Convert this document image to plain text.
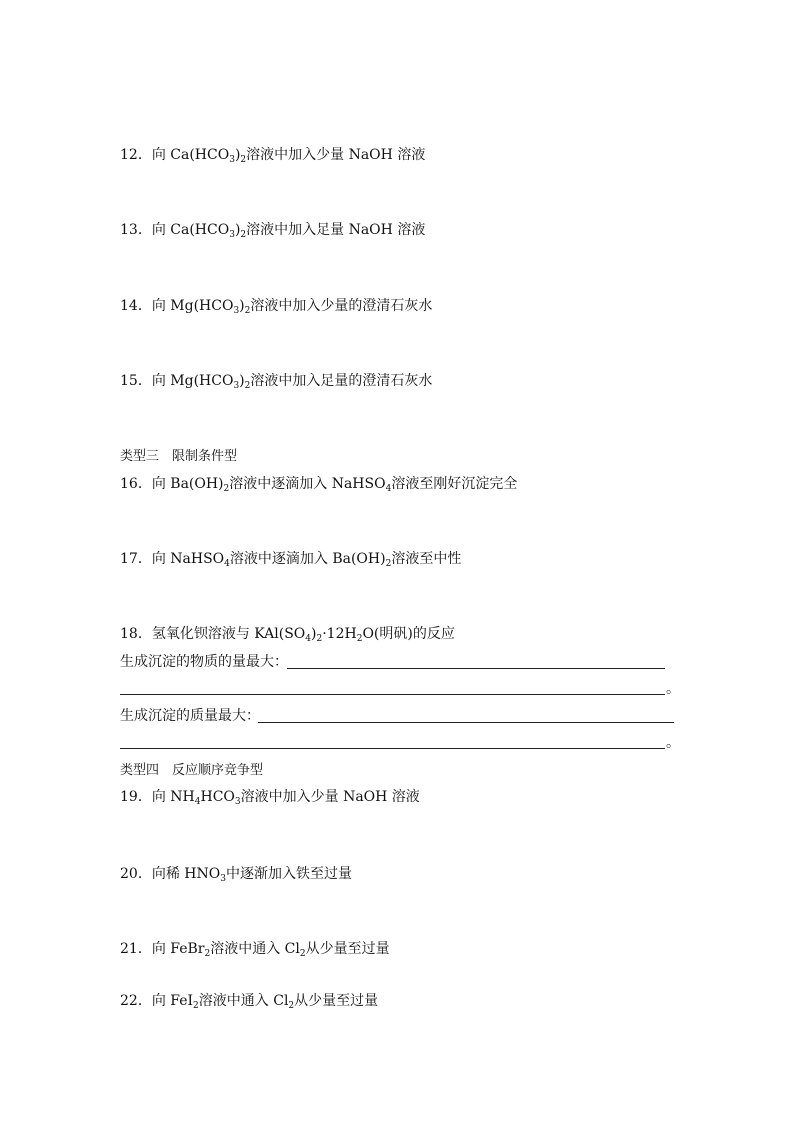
12．向 $Ca(HCO_3)_2$溶液中加入少量 NaOH 溶液
13．向 $Ca(HCO_3)_2$溶液中加入足量 NaOH 溶液
14．向 $Mg(HCO_3)_2$溶液中加入少量的澄清石灰水
15．向 $Mg(HCO_3)_2$溶液中加入足量的澄清石灰水
类型三　限制条件型
16．向 $Ba(OH)_2$溶液中逐滴加入 NaHSO$_4$溶液至刚好沉淀完全
17．向 NaHSO$_4$溶液中逐滴加入 $Ba(OH)_2$溶液至中性
18．氢氧化钡溶液与 $KAl(SO_4)_2\cdot 12H_2O$(明矾)的反应
生成沉淀的物质的量最大：
。
生成沉淀的质量最大：
。
类型四　反应顺序竞争型
19．向 $NH_4HCO_3$溶液中加入少量 NaOH 溶液
20．向稀 $HNO_3$中逐渐加入铁至过量
21．向 FeBr$_2$溶液中通入 $Cl_2$从少量至过量
22．向 FeI$_2$溶液中通入 $Cl_2$从少量至过量
